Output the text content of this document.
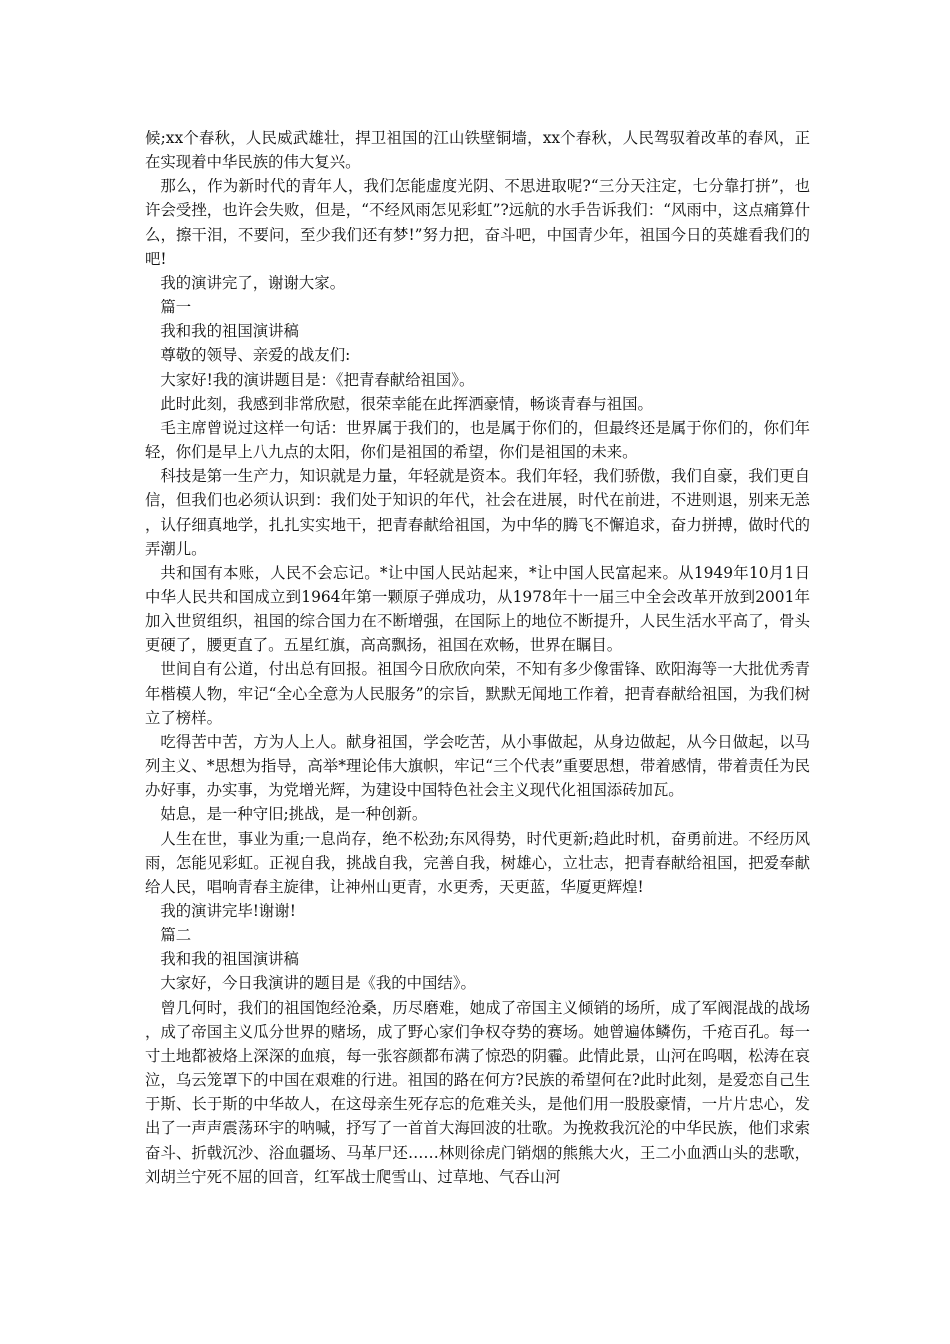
候;xx个春秋，人民威武雄壮，捍卫祖国的江山铁壁铜墙，xx个春秋，人民驾驭着改革的春风，正在实现着中华民族的伟大复兴。

那么，作为新时代的青年人，我们怎能虚度光阴、不思进取呢?“三分天注定，七分靠打拼”，也许会受挫，也许会失败，但是，“不经风雨怎见彩虹”?远航的水手告诉我们：“风雨中，这点痛算什么，擦干泪，不要问，至少我们还有梦!”努力把，奋斗吧，中国青少年，祖国今日的英雄看我们的吧!

我的演讲完了，谢谢大家。

篇一

我和我的祖国演讲稿

尊敬的领导、亲爱的战友们:

大家好!我的演讲题目是：《把青春献给祖国》。

此时此刻，我感到非常欣慰，很荣幸能在此挥洒豪情，畅谈青春与祖国。

毛主席曾说过这样一句话：世界属于我们的，也是属于你们的，但最终还是属于你们的，你们年轻，你们是早上八九点的太阳，你们是祖国的希望，你们是祖国的未来。

科技是第一生产力，知识就是力量，年轻就是资本。我们年轻，我们骄傲，我们自豪，我们更自信，但我们也必须认识到：我们处于知识的年代，社会在进展，时代在前进，不进则退，别来无恙，认仔细真地学，扎扎实实地干，把青春献给祖国，为中华的腾飞不懈追求，奋力拼搏，做时代的弄潮儿。

共和国有本账，人民不会忘记。*让中国人民站起来，*让中国人民富起来。从1949年10月1日中华人民共和国成立到1964年第一颗原子弹成功，从1978年十一届三中全会改革开放到2001年加入世贸组织，祖国的综合国力在不断增强，在国际上的地位不断提升，人民生活水平高了，骨头更硬了，腰更直了。五星红旗，高高飘扬，祖国在欢畅，世界在瞩目。

世间自有公道，付出总有回报。祖国今日欣欣向荣，不知有多少像雷锋、欧阳海等一大批优秀青年楷模人物，牢记“全心全意为人民服务”的宗旨，默默无闻地工作着，把青春献给祖国，为我们树立了榜样。

吃得苦中苦，方为人上人。献身祖国，学会吃苦，从小事做起，从身边做起，从今日做起，以马列主义、*思想为指导，高举*理论伟大旗帜，牢记“三个代表”重要思想，带着感情，带着责任为民办好事，办实事，为党增光辉，为建设中国特色社会主义现代化祖国添砖加瓦。

姑息，是一种守旧;挑战，是一种创新。

人生在世，事业为重;一息尚存，绝不松劲;东风得势，时代更新;趋此时机，奋勇前进。不经历风雨，怎能见彩虹。正视自我，挑战自我，完善自我，树雄心，立壮志，把青春献给祖国，把爱奉献给人民，唱响青春主旋律，让神州山更青，水更秀，天更蓝，华厦更辉煌!

我的演讲完毕!谢谢!

篇二

我和我的祖国演讲稿

大家好，今日我演讲的题目是《我的中国结》。

曾几何时，我们的祖国饱经沧桑，历尽磨难，她成了帝国主义倾销的场所，成了军阀混战的战场，成了帝国主义瓜分世界的赌场，成了野心家们争权夺势的赛场。她曾遍体鳞伤，千疮百孔。每一寸土地都被烙上深深的血痕，每一张容颜都布满了惊恐的阴霾。此情此景，山河在呜咽，松涛在哀泣，乌云笼罩下的中国在艰难的行进。祖国的路在何方?民族的希望何在?此时此刻，是爱恋自己生于斯、长于斯的中华故人，在这母亲生死存忘的危难关头，是他们用一股股豪情，一片片忠心，发出了一声声震荡环宇的呐喊，抒写了一首首大海回波的壮歌。为挽救我沉沦的中华民族，他们求索奋斗、折戟沉沙、浴血疆场、马革尸还……林则徐虎门销烟的熊熊大火，王二小血洒山头的悲歌，刘胡兰宁死不屈的回音，红军战士爬雪山、过草地、气吞山河
